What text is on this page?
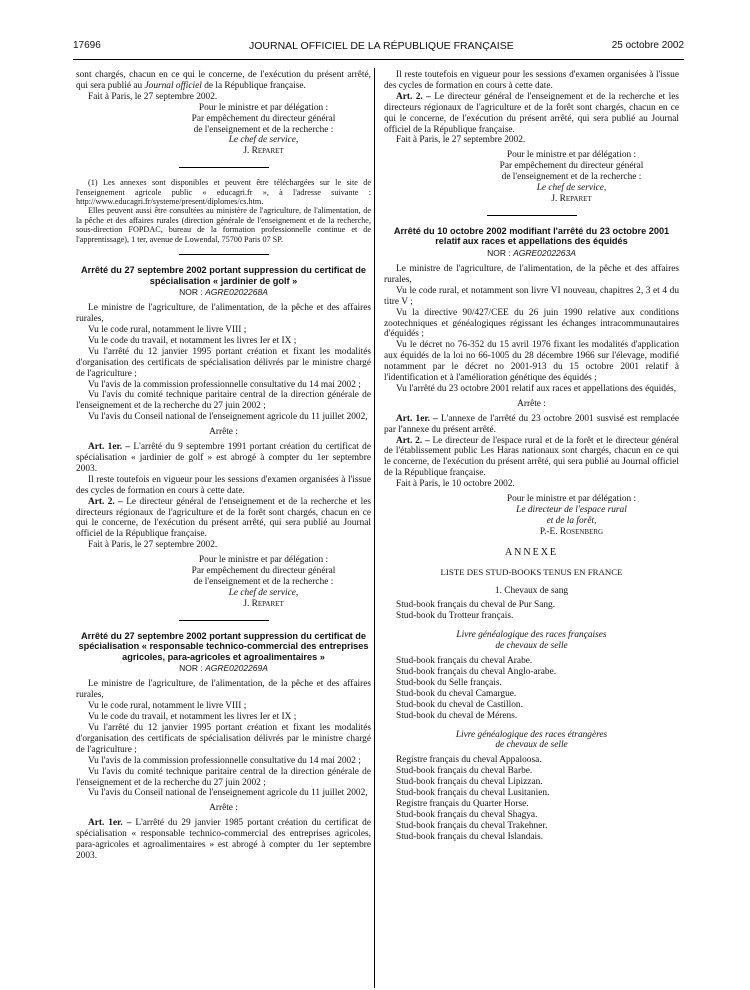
17696	JOURNAL OFFICIEL DE LA RÉPUBLIQUE FRANÇAISE	25 octobre 2002

sont chargés, chacun en ce qui le concerne, de l'exécution du présent arrêté, qui sera publié au Journal officiel de la République française.

Fait à Paris, le 27 septembre 2002.

Pour le ministre et par délégation :
Par empêchement du directeur général
de l'enseignement et de la recherche :
Le chef de service,
J. Reparet

(1) Les annexes sont disponibles et peuvent être téléchargées sur le site de l'enseignement agricole public « educagri.fr », à l'adresse suivante : http://www.educagri.fr/systeme/present/diplomes/cs.htm.

Elles peuvent aussi être consultées au ministère de l'agriculture, de l'alimentation, de la pêche et des affaires rurales (direction générale de l'enseignement et de la recherche, sous-direction FOPDAC, bureau de la formation professionnelle continue et de l'apprentissage), 1 ter, avenue de Lowendal, 75700 Paris 07 SP.

Arrêté du 27 septembre 2002 portant suppression du certificat de spécialisation « jardinier de golf »
NOR : AGRE0202268A

Le ministre de l'agriculture, de l'alimentation, de la pêche et des affaires rurales,

Vu le code rural, notamment le livre VIII ;

Vu le code du travail, et notamment les livres Ier et IX ;

Vu l'arrêté du 12 janvier 1995 portant création et fixant les modalités d'organisation des certificats de spécialisation délivrés par le ministre chargé de l'agriculture ;

Vu l'avis de la commission professionnelle consultative du 14 mai 2002 ;

Vu l'avis du comité technique paritaire central de la direction générale de l'enseignement et de la recherche du 27 juin 2002 ;

Vu l'avis du Conseil national de l'enseignement agricole du 11 juillet 2002,

Arrête :

Art. 1er. – L'arrêté du 9 septembre 1991 portant création du certificat de spécialisation « jardinier de golf » est abrogé à compter du 1er septembre 2003.

Il reste toutefois en vigueur pour les sessions d'examen organisées à l'issue des cycles de formation en cours à cette date.

Art. 2. – Le directeur général de l'enseignement et de la recherche et les directeurs régionaux de l'agriculture et de la forêt sont chargés, chacun en ce qui le concerne, de l'exécution du présent arrêté, qui sera publié au Journal officiel de la République française.

Fait à Paris, le 27 septembre 2002.

Pour le ministre et par délégation :
Par empêchement du directeur général
de l'enseignement et de la recherche :
Le chef de service,
J. Reparet
Arrêté du 27 septembre 2002 portant suppression du certificat de spécialisation « responsable technico-commercial des entreprises agricoles, para-agricoles et agroalimentaires »
NOR : AGRE0202269A

Le ministre de l'agriculture, de l'alimentation, de la pêche et des affaires rurales,

Vu le code rural, notamment le livre VIII ;

Vu le code du travail, et notamment les livres Ier et IX ;

Vu l'arrêté du 12 janvier 1995 portant création et fixant les modalités d'organisation des certificats de spécialisation délivrés par le ministre chargé de l'agriculture ;

Vu l'avis de la commission professionnelle consultative du 14 mai 2002 ;

Vu l'avis du comité technique paritaire central de la direction générale de l'enseignement et de la recherche du 27 juin 2002 ;

Vu l'avis du Conseil national de l'enseignement agricole du 11 juillet 2002,

Arrête :

Art. 1er. – L'arrêté du 29 janvier 1985 portant création du certificat de spécialisation « responsable technico-commercial des entreprises agricoles, para-agricoles et agroalimentaires » est abrogé à compter du 1er septembre 2003.

Il reste toutefois en vigueur pour les sessions d'examen organisées à l'issue des cycles de formation en cours à cette date.

Art. 2. – Le directeur général de l'enseignement et de la recherche et les directeurs régionaux de l'agriculture et de la forêt sont chargés, chacun en ce qui le concerne, de l'exécution du présent arrêté, qui sera publié au Journal officiel de la République française.

Fait à Paris, le 27 septembre 2002.

Pour le ministre et par délégation :
Par empêchement du directeur général
de l'enseignement et de la recherche :
Le chef de service,
J. Reparet
Arrêté du 10 octobre 2002 modifiant l'arrêté du 23 octobre 2001 relatif aux races et appellations des équidés
NOR : AGRE0202263A

Le ministre de l'agriculture, de l'alimentation, de la pêche et des affaires rurales,

Vu le code rural, et notamment son livre VI nouveau, chapitres 2, 3 et 4 du titre V ;

Vu la directive 90/427/CEE du 26 juin 1990 relative aux conditions zootechniques et généalogiques régissant les échanges intracommunautaires d'équidés ;

Vu le décret no 76-352 du 15 avril 1976 fixant les modalités d'application aux équidés de la loi no 66-1005 du 28 décembre 1966 sur l'élevage, modifié notamment par le décret no 2001-913 du 15 octobre 2001 relatif à l'identification et à l'amélioration génétique des équidés ;

Vu l'arrêté du 23 octobre 2001 relatif aux races et appellations des équidés,

Arrête :

Art. 1er. – L'annexe de l'arrêté du 23 octobre 2001 susvisé est remplacée par l'annexe du présent arrêté.

Art. 2. – Le directeur de l'espace rural et de la forêt et le directeur général de l'établissement public Les Haras nationaux sont chargés, chacun en ce qui le concerne, de l'exécution du présent arrêté, qui sera publié au Journal officiel de la République française.

Fait à Paris, le 10 octobre 2002.

Pour le ministre et par délégation :
Le directeur de l'espace rural
et de la forêt,
P.-E. Rosenberg
ANNEXE
LISTE DES STUD-BOOKS TENUS EN FRANCE
1. Chevaux de sang

Stud-book français du cheval de Pur Sang.

Stud-book du Trotteur français.

Livre généalogique des races françaises
de chevaux de selle

Stud-book français du cheval Arabe.

Stud-book français du cheval Anglo-arabe.

Stud-book du Selle français.

Stud-book du cheval Camargue.

Stud-book du cheval de Castillon.

Stud-book du cheval de Mérens.

Livre généalogique des races étrangères
de chevaux de selle

Registre français du cheval Appaloosa.

Stud-book français du cheval Barbe.

Stud-book français du cheval Lipizzan.

Stud-book français du cheval Lusitanien.

Registre français du Quarter Horse.

Stud-book français du cheval Shagya.

Stud-book français du cheval Trakehner.

Stud-book français du cheval Islandais.
